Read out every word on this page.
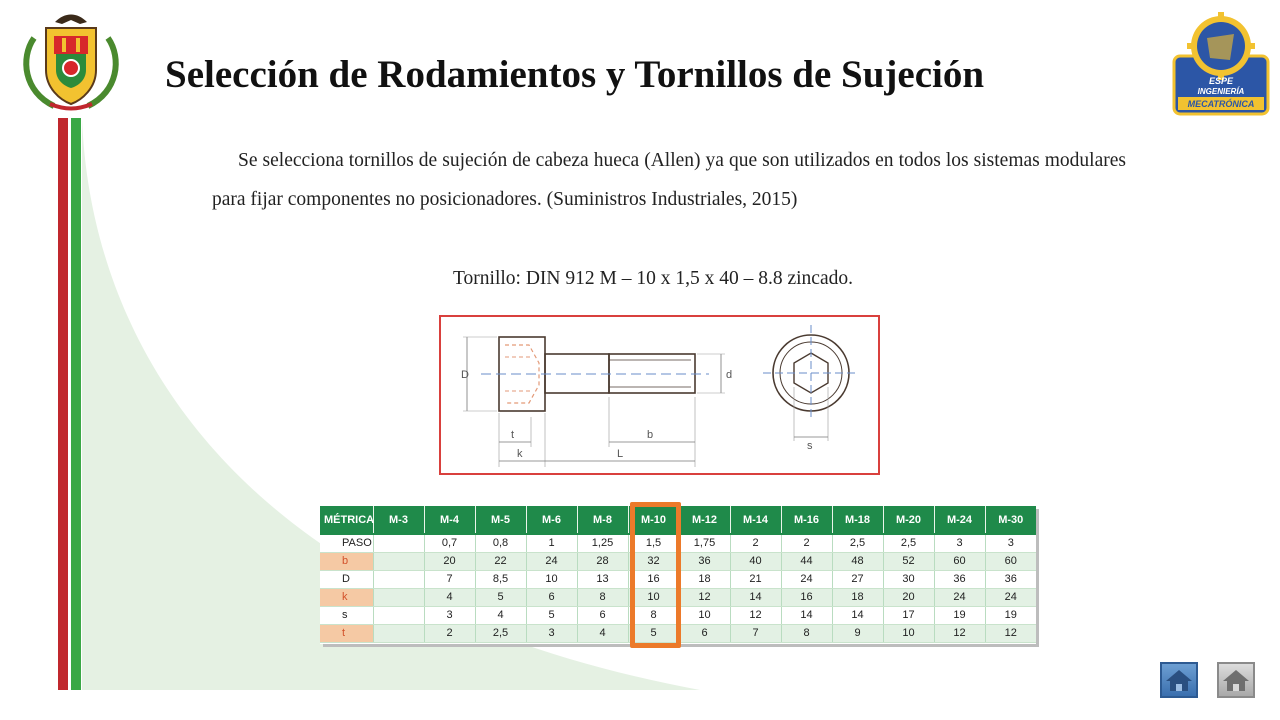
ESPE
INGENIERÍA
MECATRÓNICA
Selección de Rodamientos y Tornillos de Sujeción

Se selecciona tornillos de sujeción de cabeza hueca (Allen) ya que son utilizados en todos los sistemas modulares para fijar componentes no posicionadores. (Suministros Industriales, 2015)

Tornillo: DIN 912 M – 10 x 1,5 x 40 – 8.8 zincado.
D	d
t	b
k	L
s
MÉTRICA	M-3	M-4	M-5	M-6	M-8	M-10	M-12	M-14	M-16	M-18	M-20	M-24	M-30
PASO		0,7	0,8	1	1,25	1,5	1,75	2	2	2,5	2,5	3	3
b		20	22	24	28	32	36	40	44	48	52	60	60
D		7	8,5	10	13	16	18	21	24	27	30	36	36
k		4	5	6	8	10	12	14	16	18	20	24	24
s		3	4	5	6	8	10	12	14	14	17	19	19
t		2	2,5	3	4	5	6	7	8	9	10	12	12
